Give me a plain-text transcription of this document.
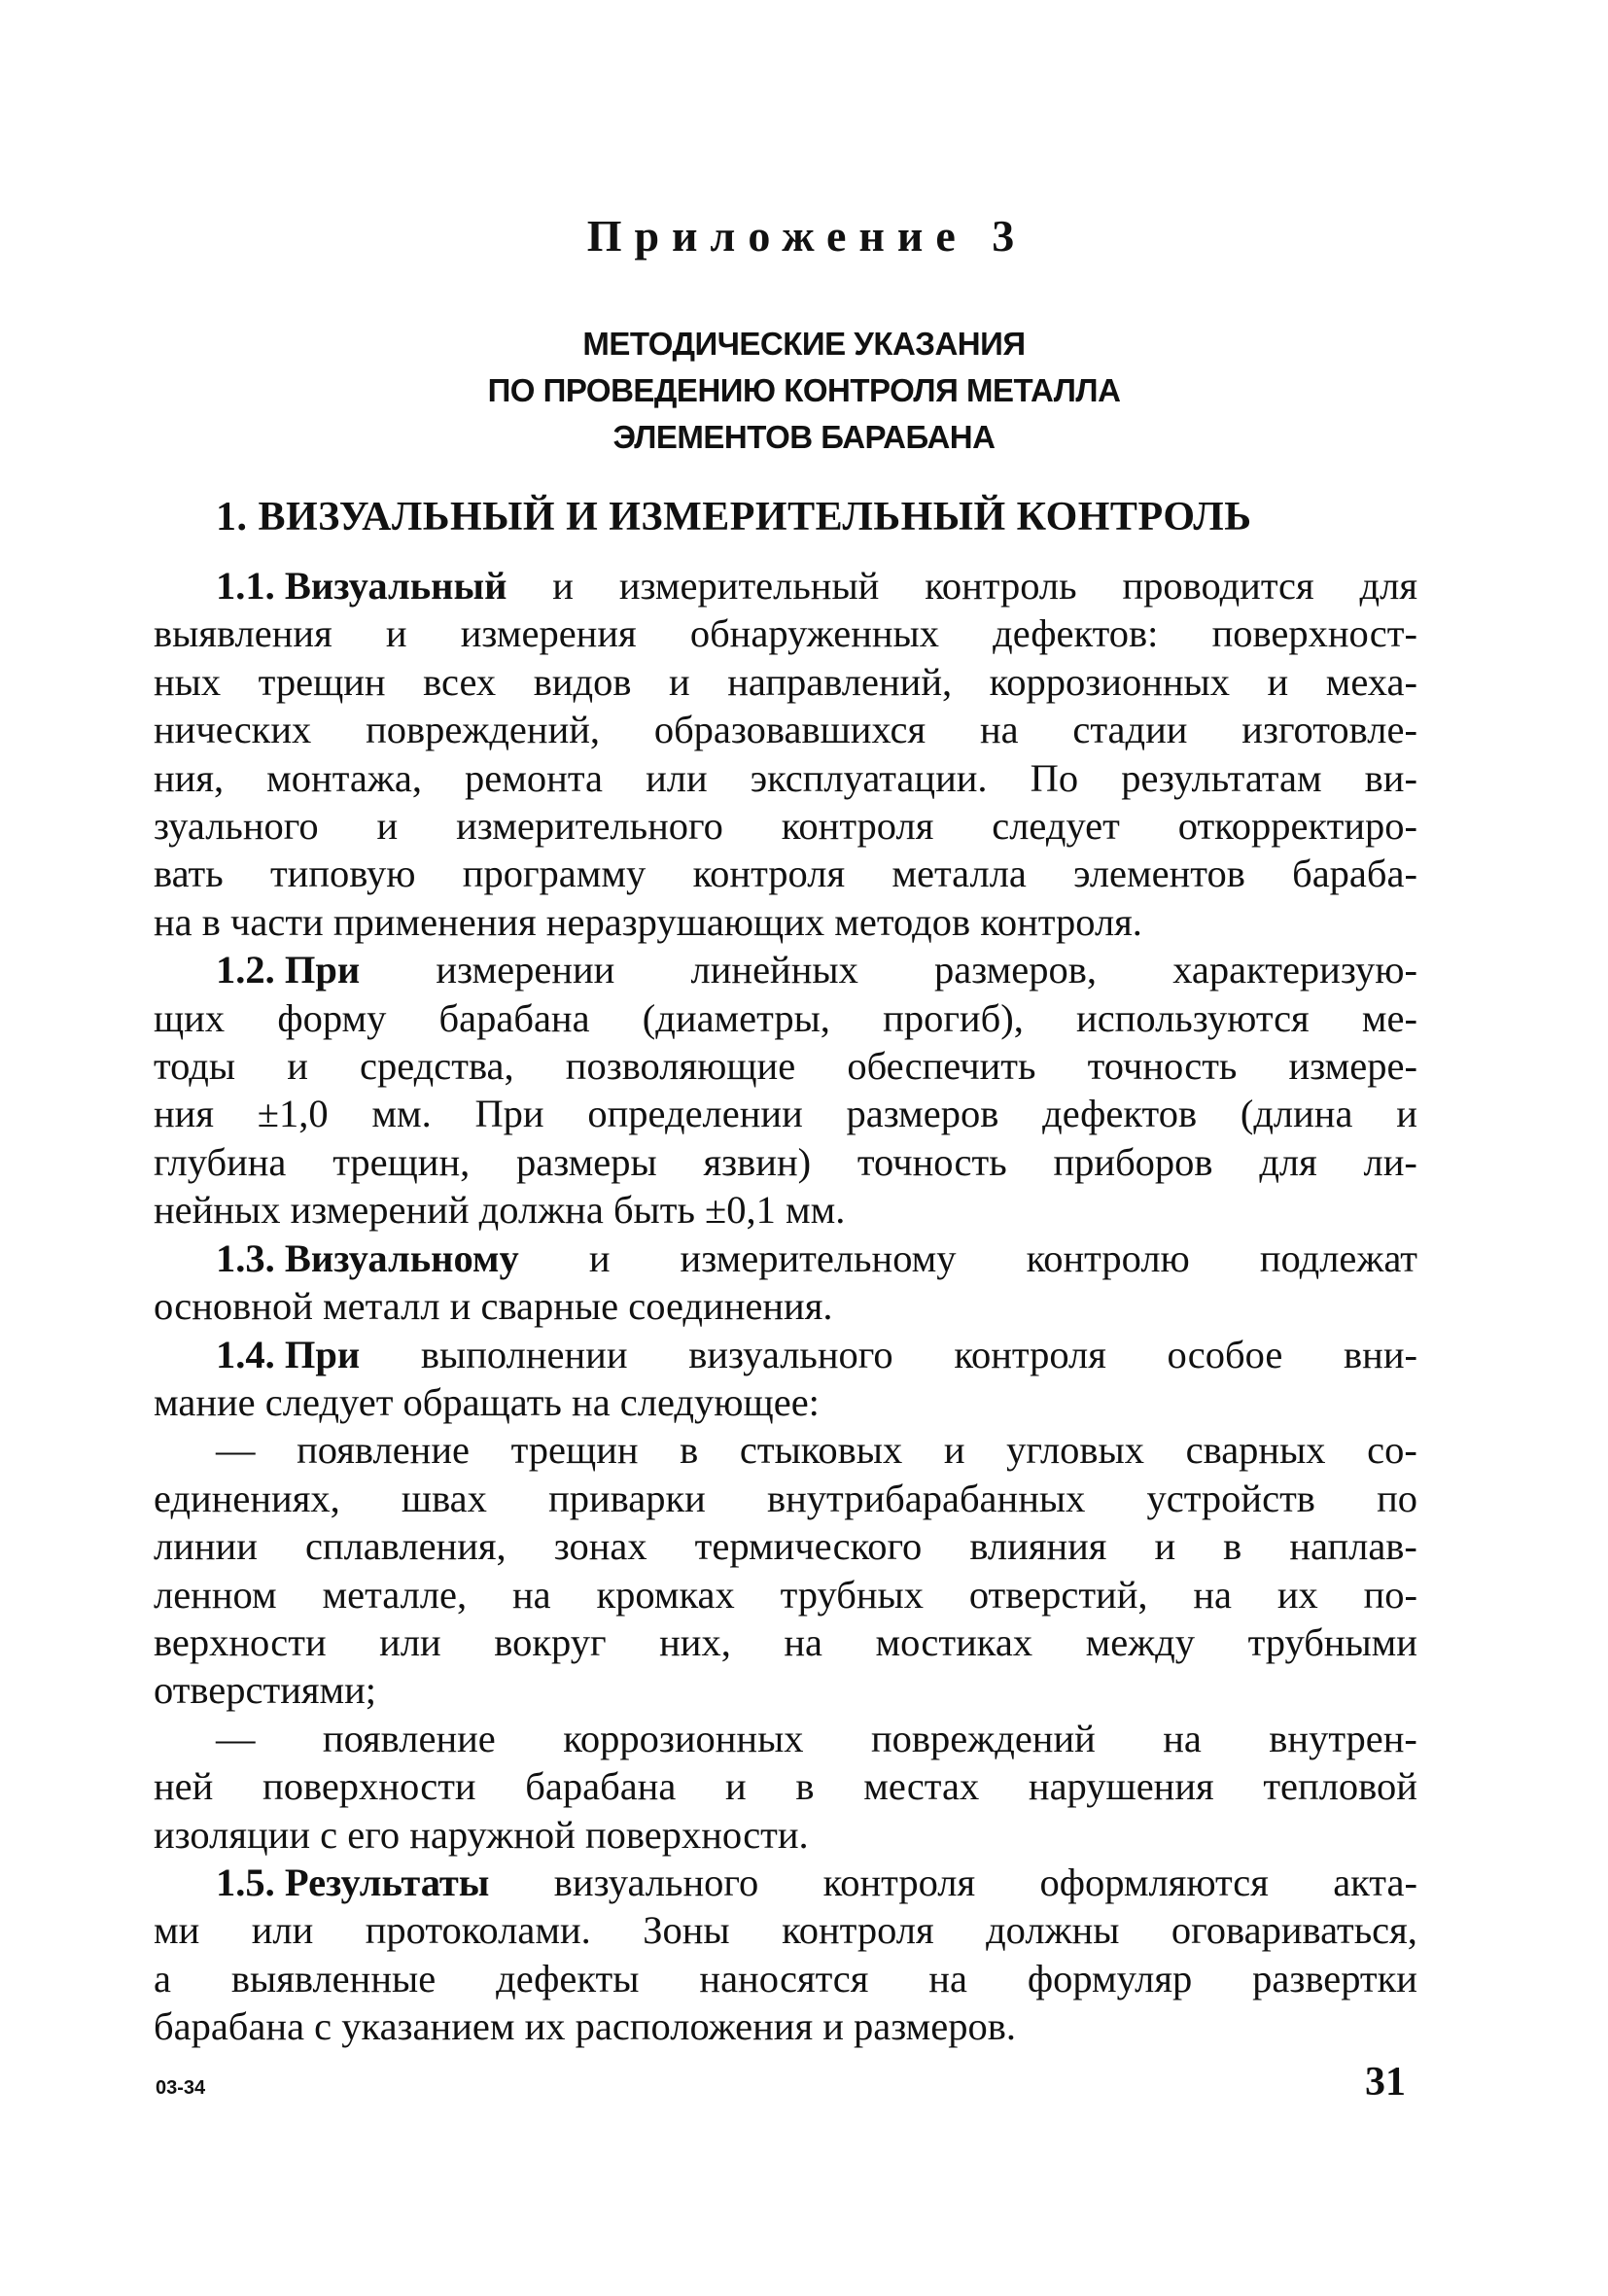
Приложение 3
МЕТОДИЧЕСКИЕ УКАЗАНИЯ
ПО ПРОВЕДЕНИЮ КОНТРОЛЯ МЕТАЛЛА
ЭЛЕМЕНТОВ БАРАБАНА
1. ВИЗУАЛЬНЫЙ И ИЗМЕРИТЕЛЬНЫЙ КОНТРОЛЬ
1.1. Визуальный и измерительный контроль проводится для
выявления и измерения обнаруженных дефектов: поверхност-
ных трещин всех видов и направлений, коррозионных и меха-
нических повреждений, образовавшихся на стадии изготовле-
ния, монтажа, ремонта или эксплуатации. По результатам ви-
зуального и измерительного контроля следует откорректиро-
вать типовую программу контроля металла элементов бараба-
на в части применения неразрушающих методов контроля.
1.2. При измерении линейных размеров, характеризую-
щих форму барабана (диаметры, прогиб), используются ме-
тоды и средства, позволяющие обеспечить точность измере-
ния ±1,0 мм. При определении размеров дефектов (длина и
глубина трещин, размеры язвин) точность приборов для ли-
нейных измерений должна быть ±0,1 мм.
1.3. Визуальному и измерительному контролю подлежат
основной металл и сварные соединения.
1.4. При выполнении визуального контроля особое вни-
мание следует обращать на следующее:
— появление трещин в стыковых и угловых сварных со-
единениях, швах приварки внутрибарабанных устройств по
линии сплавления, зонах термического влияния и в наплав-
ленном металле, на кромках трубных отверстий, на их по-
верхности или вокруг них, на мостиках между трубными
отверстиями;
— появление коррозионных повреждений на внутрен-
ней поверхности барабана и в местах нарушения тепловой
изоляции с его наружной поверхности.
1.5. Результаты визуального контроля оформляются акта-
ми или протоколами. Зоны контроля должны оговариваться,
а выявленные дефекты наносятся на формуляр развертки
барабана с указанием их расположения и размеров.
03-34	31
